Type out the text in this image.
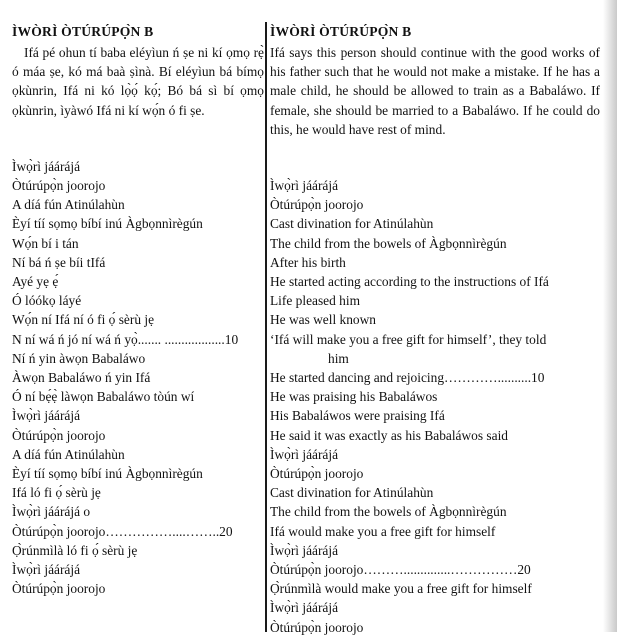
ÌWÒRÌ ÒTÚRÚPỌ̀N B

Ifá pé ohun tí baba eléyìun ń ṣe ni kí ọmọ rẹ̀ ó máa ṣe, kó má baà ṣìnà. Bí eléyìun bá bímọ ọkùnrin, Ifá ni kó lọ̀ọ́ kọ́; Bó bá sì bí ọmọ ọkùnrin, ìyàwó Ifá ni kí wọ́n ó fi ṣe.

Ìwọ̀rì jáárájá
Òtúrúpọ̀n joorojo
A díá fún Atinúlahùn
Èyí tíí sọmọ bíbí inú Àgbọnnìrègún
Wọ́n bí i tán
Ní bá ń ṣe bíi tIfá
Ayé yẹ ẹ́
Ó lóókọ láyé
Wọ́n ní Ifá ní ó fi ọ́ sèrù jẹ
N ní wá ń jó ní wá ń yọ̀....... ..................10
Ní ń yin àwọn Babaláwo
Àwọn Babaláwo ń yin Ifá
Ó ní bẹ́ẹ̀ làwọn Babaláwo tòún wí
Ìwọ̀rì jáárájá
Òtúrúpọ̀n joorojo
A díá fún Atinúlahùn
Èyí tíí sọmọ bíbí inú Àgbọnnìrègún
Ifá ló fi ọ́ sèrù jẹ
Ìwọ̀rì jáárájá o
Òtúrúpọ̀n joorojo……………....……..20
Ọ̀rúnmìlà ló fi ọ́ sèrù jẹ
Ìwọ̀rì jáárájá
Òtúrúpọ̀n joorojo
ÌWÒRÌ ÒTÚRÚPỌ̀N B

Ifá says this person should continue with the good works of his father such that he would not make a mistake. If he has a male child, he should be allowed to train as a Babaláwo. If female, she should be married to a Babaláwo. If he could do this, he would have rest of mind.

Ìwọ̀rì jáárájá
Òtúrúpọ̀n joorojo
Cast divination for Atinúlahùn
The child from the bowels of Àgbọnnìrègún
After his birth
He started acting according to the instructions of Ifá
Life pleased him
He was well known
‘Ifá will make you a free gift for himself’, they told
him
He started dancing and rejoicing…………..........10
He was praising his Babaláwos
His Babaláwos were praising Ifá
He said it was exactly as his Babaláwos said
Ìwọ̀rì jáárájá
Òtúrúpọ̀n joorojo
Cast divination for Atinúlahùn
The child from the bowels of Àgbọnnìrègún
Ifá would make you a free gift for himself
Ìwọ̀rì jáárájá
Òtúrúpọ̀n joorojo………..............……………20
Ọ̀rúnmìlà would make you a free gift for himself
Ìwọ̀rì jáárájá
Òtúrúpọ̀n joorojo
